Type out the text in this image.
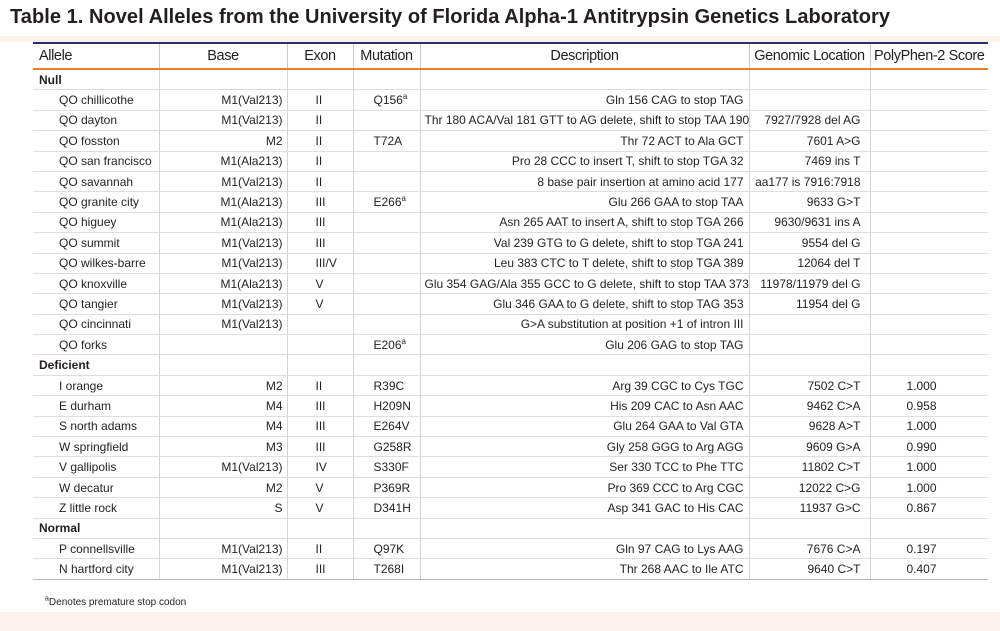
Table 1. Novel Alleles from the University of Florida Alpha-1 Antitrypsin Genetics Laboratory
Allele	Base	Exon	Mutation	Description	Genomic Location	PolyPhen-2 Score
Null						
QO chillicothe	M1(Val213)	II	Q156$^a$	Gln 156 CAG to stop TAG		
QO dayton	M1(Val213)	II		Thr 180 ACA/Val 181 GTT to AG delete, shift to stop TAA 190	7927/7928 del AG	
QO fosston	M2	II	T72A	Thr 72 ACT to Ala GCT	7601 A>G	
QO san francisco	M1(Ala213)	II		Pro 28 CCC to insert T, shift to stop TGA 32	7469 ins T	
QO savannah	M1(Val213)	II		8 base pair insertion at amino acid 177	aa177 is 7916:7918	
QO granite city	M1(Ala213)	III	E266$^a$	Glu 266 GAA to stop TAA	9633 G>T	
QO higuey	M1(Ala213)	III		Asn 265 AAT to insert A, shift to stop TGA 266	9630/9631 ins A	
QO summit	M1(Val213)	III		Val 239 GTG to G delete, shift to stop TGA 241	9554 del G	
QO wilkes-barre	M1(Val213)	III/V		Leu 383 CTC to T delete, shift to stop TGA 389	12064 del T	
QO knoxville	M1(Ala213)	V		Glu 354 GAG/Ala 355 GCC to G delete, shift to stop TAA 373	11978/11979 del G	
QO tangier	M1(Val213)	V		Glu 346 GAA to G delete, shift to stop TAG 353	11954 del G	
QO cincinnati	M1(Val213)			G>A substitution at position +1 of intron III		
QO forks			E206$^a$	Glu 206 GAG to stop TAG		
Deficient						
I orange	M2	II	R39C	Arg 39 CGC to Cys TGC	7502 C>T	1.000
E durham	M4	III	H209N	His 209 CAC to Asn AAC	9462 C>A	0.958
S north adams	M4	III	E264V	Glu 264 GAA to Val GTA	9628 A>T	1.000
W springfield	M3	III	G258R	Gly 258 GGG to Arg AGG	9609 G>A	0.990
V gallipolis	M1(Val213)	IV	S330F	Ser 330 TCC to Phe TTC	11802 C>T	1.000
W decatur	M2	V	P369R	Pro 369 CCC to Arg CGC	12022 C>G	1.000
Z little rock	S	V	D341H	Asp 341 GAC to His CAC	11937 G>C	0.867
Normal						
P connellsville	M1(Val213)	II	Q97K	Gln 97 CAG to Lys AAG	7676 C>A	0.197
N hartford city	M1(Val213)	III	T268I	Thr 268 AAC to Ile ATC	9640 C>T	0.407
$^a$Denotes premature stop codon
